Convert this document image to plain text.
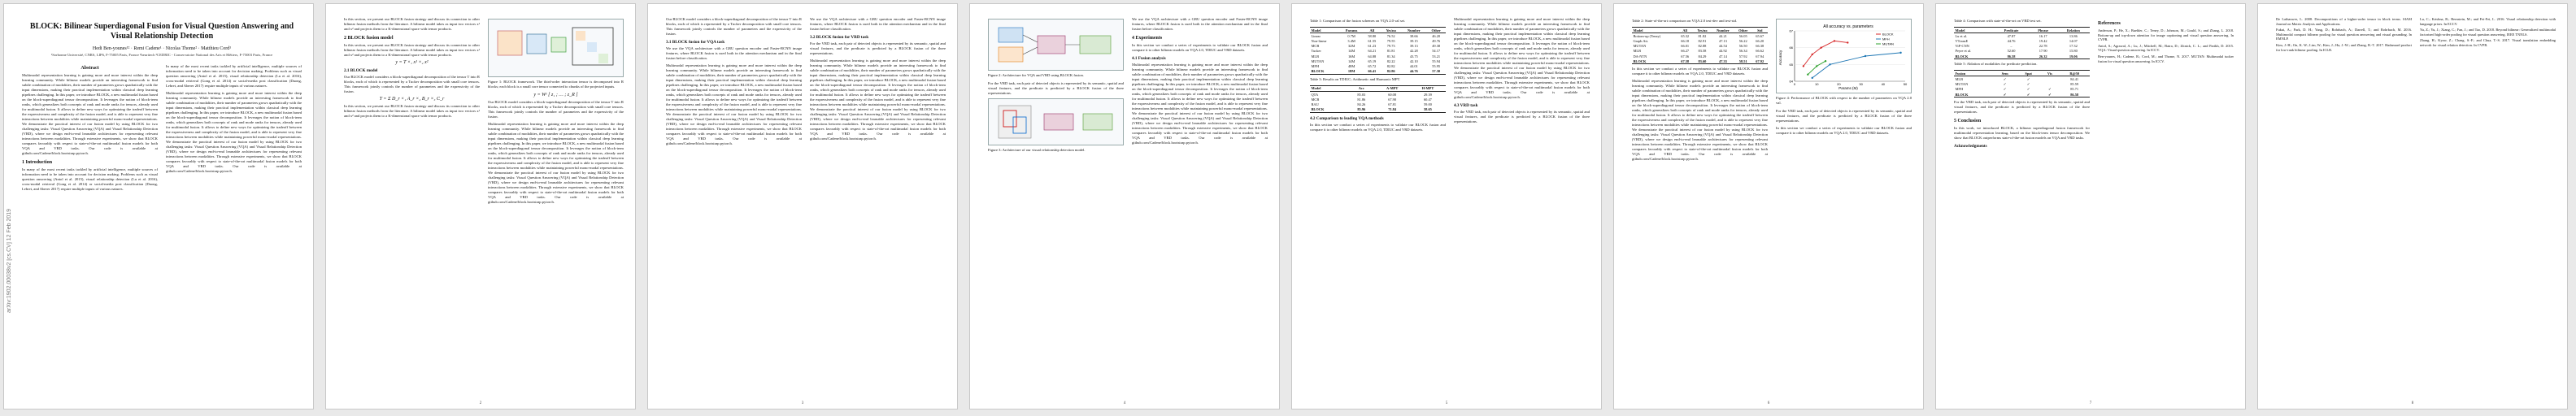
arXiv:1902.00038v2 [cs.CV] 12 Feb 2019
BLOCK: Bilinear Superdiagonal Fusion for Visual Question Answering and Visual Relationship Detection
Hedi Ben-younes¹² · Remi Cadene¹ · Nicolas Thome² · Matthieu Cord¹
¹Sorbonne Université, CNRS, LIP6, F-75005 Paris, France ²heuritech ³CEDRIC - Conservatoire National des Arts et Métiers, F-75003 Paris, France
Abstract

Multimodal representation learning is gaining more and more interest within the deep learning community. While bilinear models provide an interesting framework to find subtle combination of modalities, their number of parameters grows quadratically with the input dimensions, making their practical implementation within classical deep learning pipelines challenging. In this paper, we introduce BLOCK, a new multimodal fusion based on the block-superdiagonal tensor decomposition. It leverages the notion of block-term ranks, which generalizes both concepts of rank and mode ranks for tensors, already used for multimodal fusion. It allows to define new ways for optimizing the tradeoff between the expressiveness and complexity of the fusion model, and is able to represent very fine interactions between modalities while maintaining powerful mono-modal representations. We demonstrate the practical interest of our fusion model by using BLOCK for two challenging tasks: Visual Question Answering (VQA) and Visual Relationship Detection (VRD), where we design end-to-end learnable architectures for representing relevant interactions between modalities. Through extensive experiments, we show that BLOCK compares favorably with respect to state-of-the-art multimodal fusion models for both VQA and VRD tasks. Our code is available at github.com/Cadene/block.bootstrap.pytorch.

1 Introduction

In many of the most recent tasks tackled by artificial intelligence, multiple sources of information need to be taken into account for decision making. Problems such as visual question answering (Antol et al. 2015), visual relationship detection (Lu et al. 2016), cross-modal retrieval (Gong et al. 2014) or social-media post classification (Duong, Lebret, and Aberer 2017) require multiple inputs of various natures.

In many of the most recent tasks tackled by artificial intelligence, multiple sources of information need to be taken into account for decision making. Problems such as visual question answering (Antol et al. 2015), visual relationship detection (Lu et al. 2016), cross-modal retrieval (Gong et al. 2014) or social-media post classification (Duong, Lebret, and Aberer 2017) require multiple inputs of various natures.

Multimodal representation learning is gaining more and more interest within the deep learning community. While bilinear models provide an interesting framework to find subtle combination of modalities, their number of parameters grows quadratically with the input dimensions, making their practical implementation within classical deep learning pipelines challenging. In this paper, we introduce BLOCK, a new multimodal fusion based on the block-superdiagonal tensor decomposition. It leverages the notion of block-term ranks, which generalizes both concepts of rank and mode ranks for tensors, already used for multimodal fusion. It allows to define new ways for optimizing the tradeoff between the expressiveness and complexity of the fusion model, and is able to represent very fine interactions between modalities while maintaining powerful mono-modal representations. We demonstrate the practical interest of our fusion model by using BLOCK for two challenging tasks: Visual Question Answering (VQA) and Visual Relationship Detection (VRD), where we design end-to-end learnable architectures for representing relevant interactions between modalities. Through extensive experiments, we show that BLOCK compares favorably with respect to state-of-the-art multimodal fusion models for both VQA and VRD tasks. Our code is available at github.com/Cadene/block.bootstrap.pytorch.

In this section, we present our BLOCK fusion strategy and discuss its connection to other bilinear fusion methods from the literature. A bilinear model takes as input two vectors x¹ and x² and projects them to a K-dimensional space with tensor products.

2 BLOCK fusion model

In this section, we present our BLOCK fusion strategy and discuss its connection to other bilinear fusion methods from the literature. A bilinear model takes as input two vectors x¹ and x² and projects them to a K-dimensional space with tensor products.

y = T ×₁ x¹ ×₂ x²
2.1 BLOCK model

Our BLOCK model considers a block-superdiagonal decomposition of the tensor T into R blocks, each of which is represented by a Tucker decomposition with small core tensors. This framework jointly controls the number of parameters and the expressivity of the fusion.

T = Σ D_r ×₁ A_r ×₂ B_r ×₃ C_r

In this section, we present our BLOCK fusion strategy and discuss its connection to other bilinear fusion methods from the literature. A bilinear model takes as input two vectors x¹ and x² and projects them to a K-dimensional space with tensor products.

Figure 1: BLOCK framework. The third-order interaction tensor is decomposed into R blocks; each block is a small core tensor connected to chunks of the projected inputs.

y = Wʸ [ z₁ ; … ; z_R ]

Our BLOCK model considers a block-superdiagonal decomposition of the tensor T into R blocks, each of which is represented by a Tucker decomposition with small core tensors. This framework jointly controls the number of parameters and the expressivity of the fusion.

Multimodal representation learning is gaining more and more interest within the deep learning community. While bilinear models provide an interesting framework to find subtle combination of modalities, their number of parameters grows quadratically with the input dimensions, making their practical implementation within classical deep learning pipelines challenging. In this paper, we introduce BLOCK, a new multimodal fusion based on the block-superdiagonal tensor decomposition. It leverages the notion of block-term ranks, which generalizes both concepts of rank and mode ranks for tensors, already used for multimodal fusion. It allows to define new ways for optimizing the tradeoff between the expressiveness and complexity of the fusion model, and is able to represent very fine interactions between modalities while maintaining powerful mono-modal representations. We demonstrate the practical interest of our fusion model by using BLOCK for two challenging tasks: Visual Question Answering (VQA) and Visual Relationship Detection (VRD), where we design end-to-end learnable architectures for representing relevant interactions between modalities. Through extensive experiments, we show that BLOCK compares favorably with respect to state-of-the-art multimodal fusion models for both VQA and VRD tasks. Our code is available at github.com/Cadene/block.bootstrap.pytorch.

2

Our BLOCK model considers a block-superdiagonal decomposition of the tensor T into R blocks, each of which is represented by a Tucker decomposition with small core tensors. This framework jointly controls the number of parameters and the expressivity of the fusion.

3.1 BLOCK fusion for VQA task

We use the VQA architecture with a GRU question encoder and Faster-RCNN image features, where BLOCK fusion is used both in the attention mechanism and in the final fusion before classification.

Multimodal representation learning is gaining more and more interest within the deep learning community. While bilinear models provide an interesting framework to find subtle combination of modalities, their number of parameters grows quadratically with the input dimensions, making their practical implementation within classical deep learning pipelines challenging. In this paper, we introduce BLOCK, a new multimodal fusion based on the block-superdiagonal tensor decomposition. It leverages the notion of block-term ranks, which generalizes both concepts of rank and mode ranks for tensors, already used for multimodal fusion. It allows to define new ways for optimizing the tradeoff between the expressiveness and complexity of the fusion model, and is able to represent very fine interactions between modalities while maintaining powerful mono-modal representations. We demonstrate the practical interest of our fusion model by using BLOCK for two challenging tasks: Visual Question Answering (VQA) and Visual Relationship Detection (VRD), where we design end-to-end learnable architectures for representing relevant interactions between modalities. Through extensive experiments, we show that BLOCK compares favorably with respect to state-of-the-art multimodal fusion models for both VQA and VRD tasks. Our code is available at github.com/Cadene/block.bootstrap.pytorch.

We use the VQA architecture with a GRU question encoder and Faster-RCNN image features, where BLOCK fusion is used both in the attention mechanism and in the final fusion before classification.

3.2 BLOCK fusion for VRD task

For the VRD task, each pair of detected objects is represented by its semantic, spatial and visual features, and the predicate is predicted by a BLOCK fusion of the three representations.

Multimodal representation learning is gaining more and more interest within the deep learning community. While bilinear models provide an interesting framework to find subtle combination of modalities, their number of parameters grows quadratically with the input dimensions, making their practical implementation within classical deep learning pipelines challenging. In this paper, we introduce BLOCK, a new multimodal fusion based on the block-superdiagonal tensor decomposition. It leverages the notion of block-term ranks, which generalizes both concepts of rank and mode ranks for tensors, already used for multimodal fusion. It allows to define new ways for optimizing the tradeoff between the expressiveness and complexity of the fusion model, and is able to represent very fine interactions between modalities while maintaining powerful mono-modal representations. We demonstrate the practical interest of our fusion model by using BLOCK for two challenging tasks: Visual Question Answering (VQA) and Visual Relationship Detection (VRD), where we design end-to-end learnable architectures for representing relevant interactions between modalities. Through extensive experiments, we show that BLOCK compares favorably with respect to state-of-the-art multimodal fusion models for both VQA and VRD tasks. Our code is available at github.com/Cadene/block.bootstrap.pytorch.

3

Figure 2: Architecture for VQA and VRD using BLOCK fusion.

For the VRD task, each pair of detected objects is represented by its semantic, spatial and visual features, and the predicate is predicted by a BLOCK fusion of the three representations.

Figure 3: Architecture of our visual relationship detection model.

We use the VQA architecture with a GRU question encoder and Faster-RCNN image features, where BLOCK fusion is used both in the attention mechanism and in the final fusion before classification.

4 Experiments

In this section we conduct a series of experiments to validate our BLOCK fusion and compare it to other bilinear models on VQA 2.0, TDIUC and VRD datasets.

4.1 Fusion analysis

Multimodal representation learning is gaining more and more interest within the deep learning community. While bilinear models provide an interesting framework to find subtle combination of modalities, their number of parameters grows quadratically with the input dimensions, making their practical implementation within classical deep learning pipelines challenging. In this paper, we introduce BLOCK, a new multimodal fusion based on the block-superdiagonal tensor decomposition. It leverages the notion of block-term ranks, which generalizes both concepts of rank and mode ranks for tensors, already used for multimodal fusion. It allows to define new ways for optimizing the tradeoff between the expressiveness and complexity of the fusion model, and is able to represent very fine interactions between modalities while maintaining powerful mono-modal representations. We demonstrate the practical interest of our fusion model by using BLOCK for two challenging tasks: Visual Question Answering (VQA) and Visual Relationship Detection (VRD), where we design end-to-end learnable architectures for representing relevant interactions between modalities. Through extensive experiments, we show that BLOCK compares favorably with respect to state-of-the-art multimodal fusion models for both VQA and VRD tasks. Our code is available at github.com/Cadene/block.bootstrap.pytorch.

4

Table 1: Comparison of the fusion schemes on VQA 2.0 val set.

Model	Params	All	Yes/no	Number	Other
Linear	0.7M	58.80	76.52	38.66	46.20
Non-linear	3.4M	61.55	79.55	39.15	49.76
MCB	32M	61.23	79.73	39.13	49.38
Tucker	14M	64.21	81.81	42.28	54.17
MLB	16M	64.88	81.34	43.75	53.21
MUTAN	14M	65.19	82.22	42.10	55.94
MFH	48M	65.72	82.82	44.01	55.95
BLOCK	18M	66.41	82.86	44.76	57.30

Table 3: Results on TDIUC; Arithmetic and Harmonic MPT.

Model	Acc	A-MPT	H-MPT
QTA	85.03	60.08	29.39
MCB	81.86	67.90	60.47
RAU	84.26	67.81	59.00
BLOCK	85.96	71.84	58.65
4.2 Comparison to leading VQA methods

In this section we conduct a series of experiments to validate our BLOCK fusion and compare it to other bilinear models on VQA 2.0, TDIUC and VRD datasets.

Multimodal representation learning is gaining more and more interest within the deep learning community. While bilinear models provide an interesting framework to find subtle combination of modalities, their number of parameters grows quadratically with the input dimensions, making their practical implementation within classical deep learning pipelines challenging. In this paper, we introduce BLOCK, a new multimodal fusion based on the block-superdiagonal tensor decomposition. It leverages the notion of block-term ranks, which generalizes both concepts of rank and mode ranks for tensors, already used for multimodal fusion. It allows to define new ways for optimizing the tradeoff between the expressiveness and complexity of the fusion model, and is able to represent very fine interactions between modalities while maintaining powerful mono-modal representations. We demonstrate the practical interest of our fusion model by using BLOCK for two challenging tasks: Visual Question Answering (VQA) and Visual Relationship Detection (VRD), where we design end-to-end learnable architectures for representing relevant interactions between modalities. Through extensive experiments, we show that BLOCK compares favorably with respect to state-of-the-art multimodal fusion models for both VQA and VRD tasks. Our code is available at github.com/Cadene/block.bootstrap.pytorch.

4.3 VRD task

For the VRD task, each pair of detected objects is represented by its semantic, spatial and visual features, and the predicate is predicted by a BLOCK fusion of the three representations.

5

Table 2: State-of-the-art comparison on VQA 2.0 test-dev and test-std.

Model	All	Yes/no	Number	Other	Std
Bottom-up (Teney)	65.32	81.82	44.21	56.05	65.67
Graph Att.	66.18	82.91	47.13	56.22	66.20
MUTAN	66.01	82.88	44.54	56.50	66.38
MLB	66.27	83.58	44.92	56.34	66.62
DA-NTN	67.56	84.29	47.14	57.92	67.94
BLOCK	67.58	83.60	47.33	58.51	67.92

In this section we conduct a series of experiments to validate our BLOCK fusion and compare it to other bilinear models on VQA 2.0, TDIUC and VRD datasets.

Multimodal representation learning is gaining more and more interest within the deep learning community. While bilinear models provide an interesting framework to find subtle combination of modalities, their number of parameters grows quadratically with the input dimensions, making their practical implementation within classical deep learning pipelines challenging. In this paper, we introduce BLOCK, a new multimodal fusion based on the block-superdiagonal tensor decomposition. It leverages the notion of block-term ranks, which generalizes both concepts of rank and mode ranks for tensors, already used for multimodal fusion. It allows to define new ways for optimizing the tradeoff between the expressiveness and complexity of the fusion model, and is able to represent very fine interactions between modalities while maintaining powerful mono-modal representations. We demonstrate the practical interest of our fusion model by using BLOCK for two challenging tasks: Visual Question Answering (VQA) and Visual Relationship Detection (VRD), where we design end-to-end learnable architectures for representing relevant interactions between modalities. Through extensive experiments, we show that BLOCK compares favorably with respect to state-of-the-art multimodal fusion models for both VQA and VRD tasks. Our code is available at github.com/Cadene/block.bootstrap.pytorch.

All accuracy vs. parameters
Params (M)
Accuracy
64
65
66
67
0	10	20	30	40	50
BLOCK
MFH
MUTAN

Figure 4: Performance of BLOCK with respect to the number of parameters on VQA 2.0 val.

For the VRD task, each pair of detected objects is represented by its semantic, spatial and visual features, and the predicate is predicted by a BLOCK fusion of the three representations.

In this section we conduct a series of experiments to validate our BLOCK fusion and compare it to other bilinear models on VQA 2.0, TDIUC and VRD datasets.

6

Table 4: Comparison with state-of-the-art on VRD test set.

Model	Predicate	Phrase	Relation
Lu et al.	47.87	16.17	13.86
VTransE	44.76	19.42	14.07
ViP-CNN	–	22.78	17.32
Peyre et al.	52.60	17.90	15.80
BLOCK	86.58	26.32	19.06

Table 5: Ablation of modalities for predicate prediction.

Fusion	Sem	Spat	Vis	R@50
MLB	✓	✓		84.41
MUTAN	✓	✓		85.59
MFH	✓	✓	✓	85.71
BLOCK	✓	✓	✓	86.58

For the VRD task, each pair of detected objects is represented by its semantic, spatial and visual features, and the predicate is predicted by a BLOCK fusion of the three representations.

5 Conclusion

In this work, we introduced BLOCK, a bilinear superdiagonal fusion framework for multimodal representation learning, based on the block-term tensor decomposition. We show that BLOCK outperforms state-of-the-art fusion models on VQA and VRD tasks.

Acknowledgments
References

Anderson, P.; He, X.; Buehler, C.; Teney, D.; Johnson, M.; Gould, S.; and Zhang, L. 2018. Bottom-up and top-down attention for image captioning and visual question answering. In CVPR.

Antol, S.; Agrawal, A.; Lu, J.; Mitchell, M.; Batra, D.; Zitnick, C. L.; and Parikh, D. 2015. VQA: Visual question answering. In ICCV.

Ben-younes, H.; Cadene, R.; Cord, M.; and Thome, N. 2017. MUTAN: Multimodal tucker fusion for visual question answering. In ICCV.

7

De Lathauwer, L. 2008. Decompositions of a higher-order tensor in block terms. SIAM Journal on Matrix Analysis and Applications.

Fukui, A.; Park, D. H.; Yang, D.; Rohrbach, A.; Darrell, T.; and Rohrbach, M. 2016. Multimodal compact bilinear pooling for visual question answering and visual grounding. In EMNLP.

Kim, J.-H.; On, K. W.; Lim, W.; Kim, J.; Ha, J.-W.; and Zhang, B.-T. 2017. Hadamard product for low-rank bilinear pooling. In ICLR.

Lu, C.; Krishna, R.; Bernstein, M.; and Fei-Fei, L. 2016. Visual relationship detection with language priors. In ECCV.

Yu, Z.; Yu, J.; Xiang, C.; Fan, J.; and Tao, D. 2018. Beyond bilinear: Generalized multimodal factorized high-order pooling for visual question answering. IEEE TNNLS.

Zhang, H.; Kyaw, Z.; Chang, S.-F.; and Chua, T.-S. 2017. Visual translation embedding network for visual relation detection. In CVPR.

8
